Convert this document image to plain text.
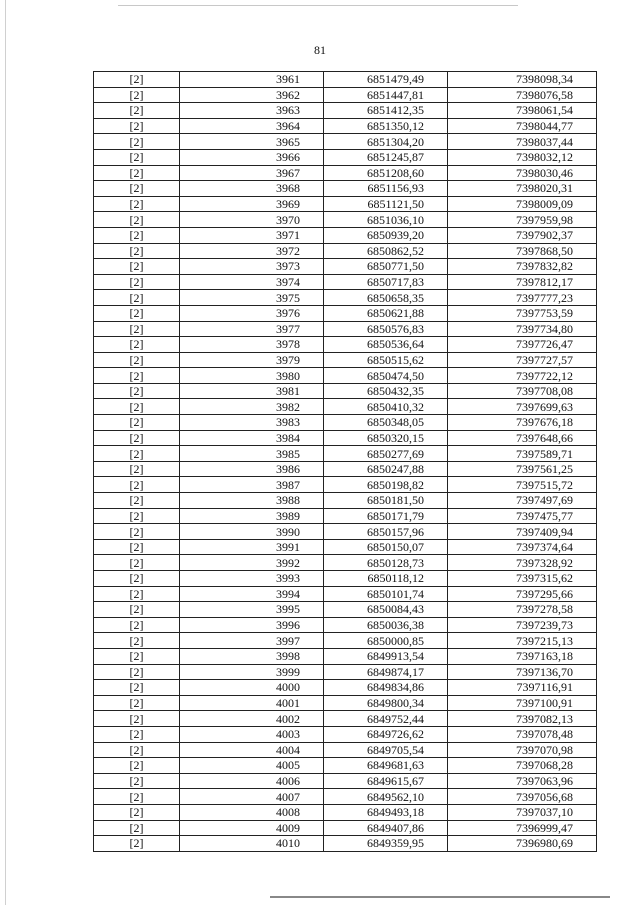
81
[2]	3961	6851479,49	7398098,34
[2]	3962	6851447,81	7398076,58
[2]	3963	6851412,35	7398061,54
[2]	3964	6851350,12	7398044,77
[2]	3965	6851304,20	7398037,44
[2]	3966	6851245,87	7398032,12
[2]	3967	6851208,60	7398030,46
[2]	3968	6851156,93	7398020,31
[2]	3969	6851121,50	7398009,09
[2]	3970	6851036,10	7397959,98
[2]	3971	6850939,20	7397902,37
[2]	3972	6850862,52	7397868,50
[2]	3973	6850771,50	7397832,82
[2]	3974	6850717,83	7397812,17
[2]	3975	6850658,35	7397777,23
[2]	3976	6850621,88	7397753,59
[2]	3977	6850576,83	7397734,80
[2]	3978	6850536,64	7397726,47
[2]	3979	6850515,62	7397727,57
[2]	3980	6850474,50	7397722,12
[2]	3981	6850432,35	7397708,08
[2]	3982	6850410,32	7397699,63
[2]	3983	6850348,05	7397676,18
[2]	3984	6850320,15	7397648,66
[2]	3985	6850277,69	7397589,71
[2]	3986	6850247,88	7397561,25
[2]	3987	6850198,82	7397515,72
[2]	3988	6850181,50	7397497,69
[2]	3989	6850171,79	7397475,77
[2]	3990	6850157,96	7397409,94
[2]	3991	6850150,07	7397374,64
[2]	3992	6850128,73	7397328,92
[2]	3993	6850118,12	7397315,62
[2]	3994	6850101,74	7397295,66
[2]	3995	6850084,43	7397278,58
[2]	3996	6850036,38	7397239,73
[2]	3997	6850000,85	7397215,13
[2]	3998	6849913,54	7397163,18
[2]	3999	6849874,17	7397136,70
[2]	4000	6849834,86	7397116,91
[2]	4001	6849800,34	7397100,91
[2]	4002	6849752,44	7397082,13
[2]	4003	6849726,62	7397078,48
[2]	4004	6849705,54	7397070,98
[2]	4005	6849681,63	7397068,28
[2]	4006	6849615,67	7397063,96
[2]	4007	6849562,10	7397056,68
[2]	4008	6849493,18	7397037,10
[2]	4009	6849407,86	7396999,47
[2]	4010	6849359,95	7396980,69
